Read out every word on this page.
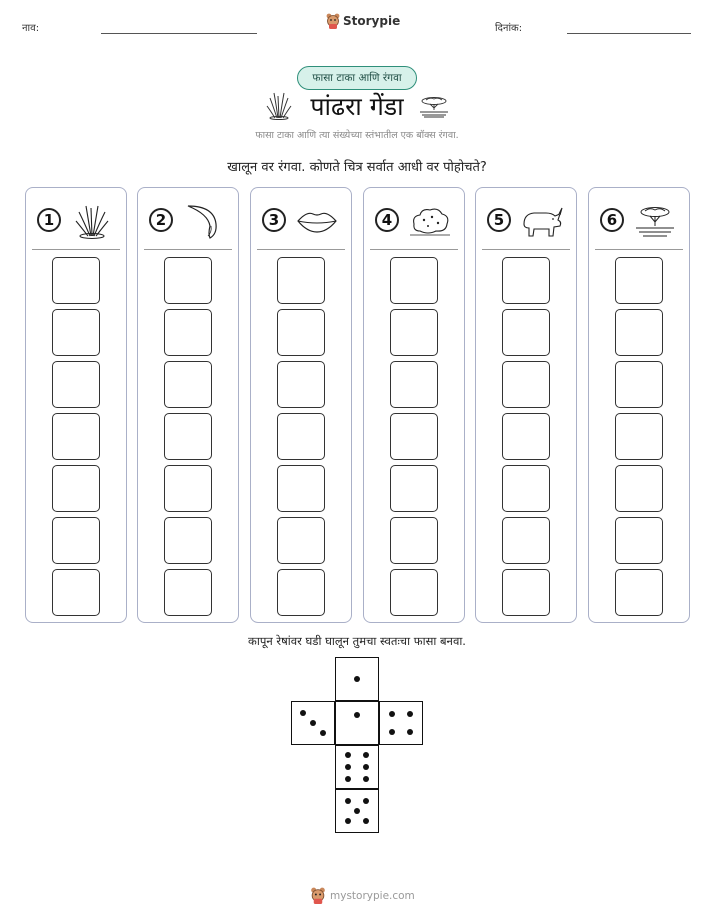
नाव:
Storypie
दिनांक:
फासा टाका आणि रंगवा
पांढरा गेंडा
फासा टाका आणि त्या संख्येच्या स्तंभातील एक बॉक्स रंगवा.
खालून वर रंगवा. कोणते चित्र सर्वात आधी वर पोहोचते?
1	2	3	4	5	6
कापून रेषांवर घडी घालून तुमचा स्वतःचा फासा बनवा.
mystorypie.com
